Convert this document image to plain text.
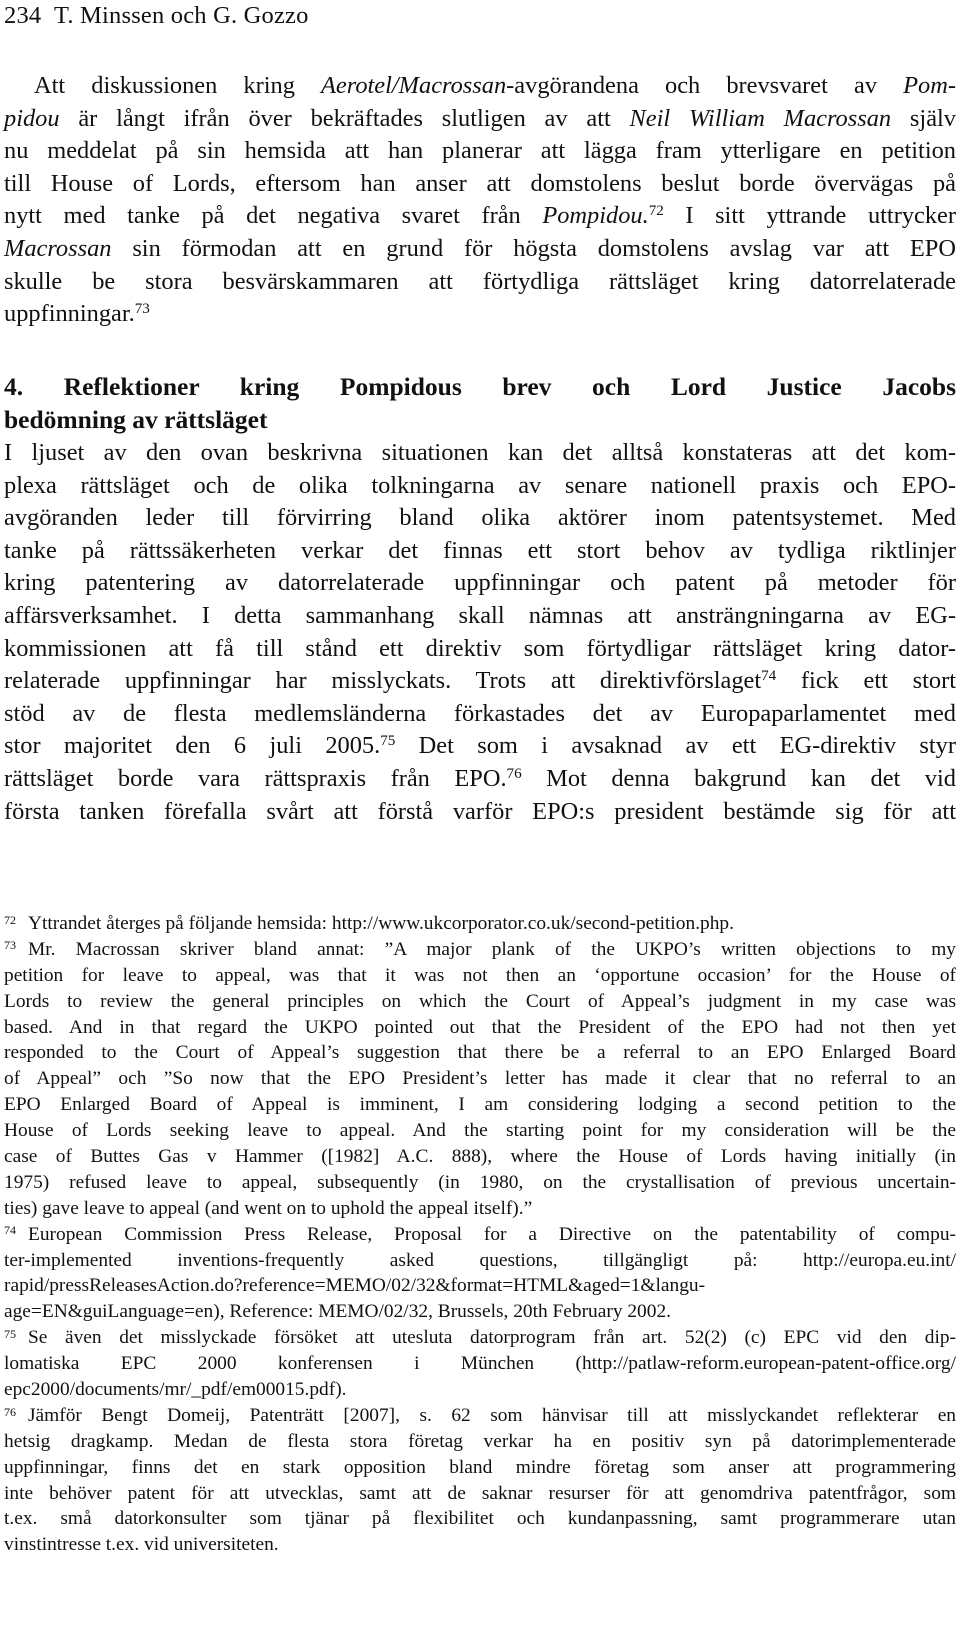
234 T. Minssen och G. Gozzo
Att diskussionen kring Aerotel/Macrossan-avgörandena och brevsvaret av Pom-
pidou är långt ifrån över bekräftades slutligen av att Neil William Macrossan själv
nu meddelat på sin hemsida att han planerar att lägga fram ytterligare en petition
till House of Lords, eftersom han anser att domstolens beslut borde övervägas på
nytt med tanke på det negativa svaret från Pompidou.$^{72}$ I sitt yttrande uttrycker
Macrossan sin förmodan att en grund för högsta domstolens avslag var att EPO
skulle be stora besvärskammaren att förtydliga rättsläget kring datorrelaterade
uppfinningar.$^{73}$
4. Reflektioner kring Pompidous brev och Lord Justice Jacobs
bedömning av rättsläget
I ljuset av den ovan beskrivna situationen kan det alltså konstateras att det kom-
plexa rättsläget och de olika tolkningarna av senare nationell praxis och EPO-
avgöranden leder till förvirring bland olika aktörer inom patentsystemet. Med
tanke på rättssäkerheten verkar det finnas ett stort behov av tydliga riktlinjer
kring patentering av datorrelaterade uppfinningar och patent på metoder för
affärsverksamhet. I detta sammanhang skall nämnas att ansträngningarna av EG-
kommissionen att få till stånd ett direktiv som förtydligar rättsläget kring dator-
relaterade uppfinningar har misslyckats. Trots att direktivförslaget$^{74}$ fick ett stort
stöd av de flesta medlemsländerna förkastades det av Europaparlamentet med
stor majoritet den 6 juli 2005.75 Det som i avsaknad av ett EG-direktiv styr
rättsläget borde vara rättspraxis från EPO.$^{76}$ Mot denna bakgrund kan det vid
första tanken förefalla svårt att förstå varför EPO:s president bestämde sig för att
$^{72}$ Yttrandet återges på följande hemsida: http://www.ukcorporator.co.uk/second-petition.php.
$^{73}$ Mr. Macrossan skriver bland annat: ”A major plank of the UKPO’s written objections to my
petition for leave to appeal, was that it was not then an ‘opportune occasion’ for the House of
Lords to review the general principles on which the Court of Appeal’s judgment in my case was
based. And in that regard the UKPO pointed out that the President of the EPO had not then yet
responded to the Court of Appeal’s suggestion that there be a referral to an EPO Enlarged Board
of Appeal” och ”So now that the EPO President’s letter has made it clear that no referral to an
EPO Enlarged Board of Appeal is imminent, I am considering lodging a second petition to the
House of Lords seeking leave to appeal. And the starting point for my consideration will be the
case of Buttes Gas v Hammer ([1982] A.C. 888), where the House of Lords having initially (in
1975) refused leave to appeal, subsequently (in 1980, on the crystallisation of previous uncertain-
ties) gave leave to appeal (and went on to uphold the appeal itself).”
$^{74}$ European Commission Press Release, Proposal for a Directive on the patentability of compu-
ter-implemented inventions-frequently asked questions, tillgängligt på: http://europa.eu.int/
rapid/pressReleasesAction.do?reference=MEMO/02/32&format=HTML&aged=1&langu-
age=EN&guiLanguage=en), Reference: MEMO/02/32, Brussels, 20th February 2002.
$^{75}$ Se även det misslyckade försöket att utesluta datorprogram från art. 52(2) (c) EPC vid den dip-
lomatiska EPC 2000 konferensen i München (http://patlaw-reform.european-patent-office.org/
epc2000/documents/mr/_pdf/em00015.pdf).
$^{76}$ Jämför Bengt Domeij, Patenträtt [2007], s. 62 som hänvisar till att misslyckandet reflekterar en
hetsig dragkamp. Medan de flesta stora företag verkar ha en positiv syn på datorimplementerade
uppfinningar, finns det en stark opposition bland mindre företag som anser att programmering
inte behöver patent för att utvecklas, samt att de saknar resurser för att genomdriva patentfrågor, som
t.ex. små datorkonsulter som tjänar på flexibilitet och kundanpassning, samt programmerare utan
vinstintresse t.ex. vid universiteten.
